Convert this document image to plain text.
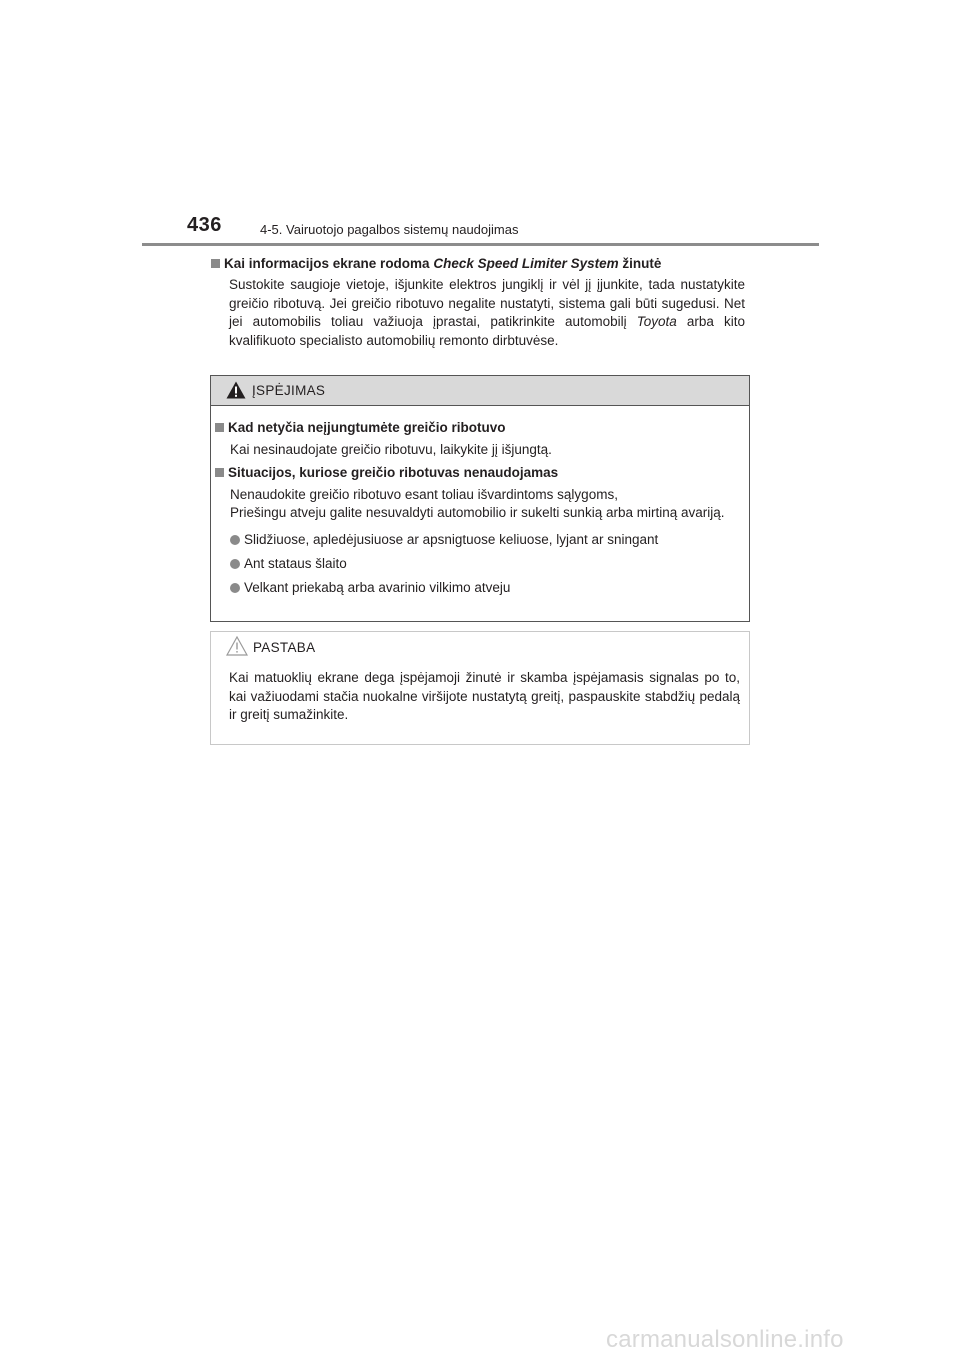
436	4-5. Vairuotojo pagalbos sistemų naudojimas
Kai informacijos ekrane rodoma Check Speed Limiter System žinutė

Sustokite saugioje vietoje, išjunkite elektros jungiklį ir vėl jį įjunkite, tada nustatykite greičio ribotuvą. Jei greičio ribotuvo negalite nustatyti, sistema gali būti sugedusi. Net jei automobilis toliau važiuoja įprastai, patikrinkite automobilį Toyota arba kito kvalifikuoto specialisto automobilių remonto dirbtuvėse.

ĮSPĖJIMAS
Kad netyčia neįjungtumėte greičio ribotuvo
Kai nesinaudojate greičio ribotuvu, laikykite jį išjungtą.
Situacijos, kuriose greičio ribotuvas nenaudojamas
Nenaudokite greičio ribotuvo esant toliau išvardintoms sąlygoms,
Priešingu atveju galite nesuvaldyti automobilio ir sukelti sunkią arba mirtiną avariją.
Slidžiuose, apledėjusiuose ar apsnigtuose keliuose, lyjant ar sningant
Ant stataus šlaito
Velkant priekabą arba avarinio vilkimo atveju
PASTABA

Kai matuoklių ekrane dega įspėjamoji žinutė ir skamba įspėjamasis signalas po to, kai važiuodami stačia nuokalne viršijote nustatytą greitį, paspauskite stabdžių pedalą ir greitį sumažinkite.

carmanualsonline.info
